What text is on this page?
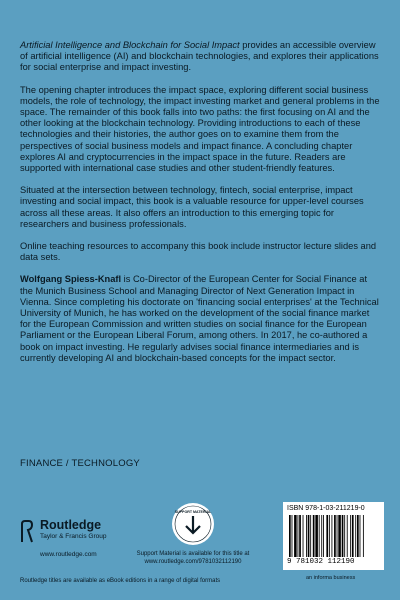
Artificial Intelligence and Blockchain for Social Impact provides an accessible overview of artificial intelligence (AI) and blockchain technologies, and explores their applications for social enterprise and impact investing.

The opening chapter introduces the impact space, exploring different social business models, the role of technology, the impact investing market and general problems in the space. The remainder of this book falls into two paths: the first focusing on AI and the other looking at the blockchain technology. Providing introductions to each of these technologies and their histories, the author goes on to examine them from the perspectives of social business models and impact finance. A concluding chapter explores AI and cryptocurrencies in the impact space in the future. Readers are supported with international case studies and other student-friendly features.

Situated at the intersection between technology, fintech, social enterprise, impact investing and social impact, this book is a valuable resource for upper-level courses across all these areas. It also offers an introduction to this emerging topic for researchers and business professionals.

Online teaching resources to accompany this book include instructor lecture slides and data sets.

Wolfgang Spiess-Knafl is Co-Director of the European Center for Social Finance at the Munich Business School and Managing Director of Next Generation Impact in Vienna. Since completing his doctorate on 'financing social enterprises' at the Technical University of Munich, he has worked on the development of the social finance market for the European Commission and written studies on social finance for the European Parliament or the European Liberal Forum, among others. In 2017, he co-authored a book on impact investing. He regularly advises social finance intermediaries and is currently developing AI and blockchain-based concepts for the impact sector.

FINANCE / TECHNOLOGY
Routledge
Taylor & Francis Group
www.routledge.com
SUPPORT MATERIAL
Support Material is available for this title at
www.routledge.com/9781032112190
ISBN 978-1-03-211219-0
9 781032 112190
an informa business
Routledge titles are available as eBook editions in a range of digital formats
